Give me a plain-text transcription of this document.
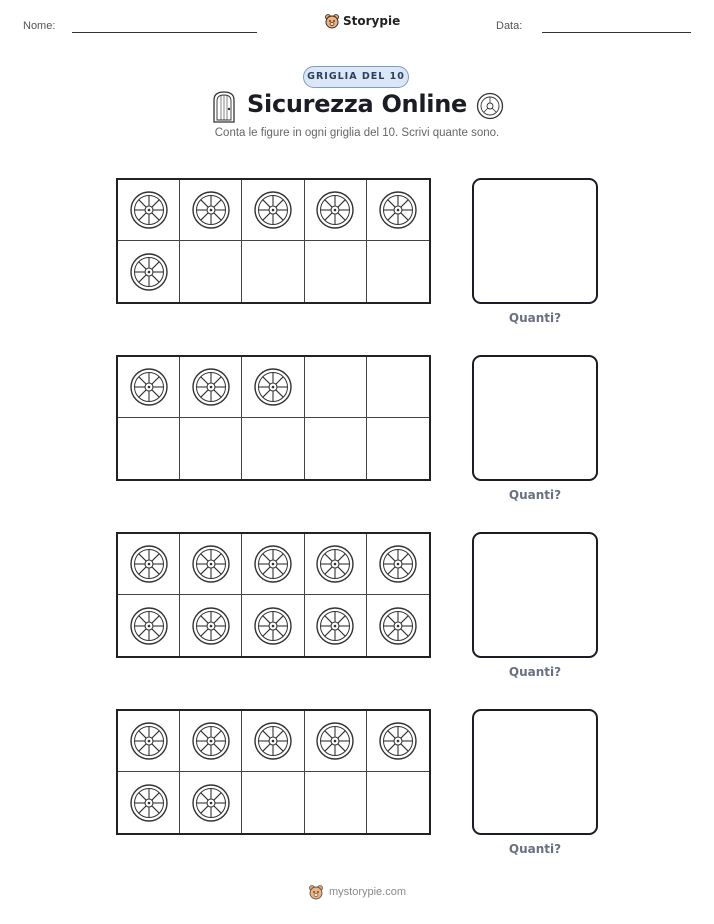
Nome:	Storypie	Data:
GRIGLIA DEL 10
Sicurezza Online
Conta le figure in ogni griglia del 10. Scrivi quante sono.
Quanti?
Quanti?
Quanti?
Quanti?
mystorypie.com
